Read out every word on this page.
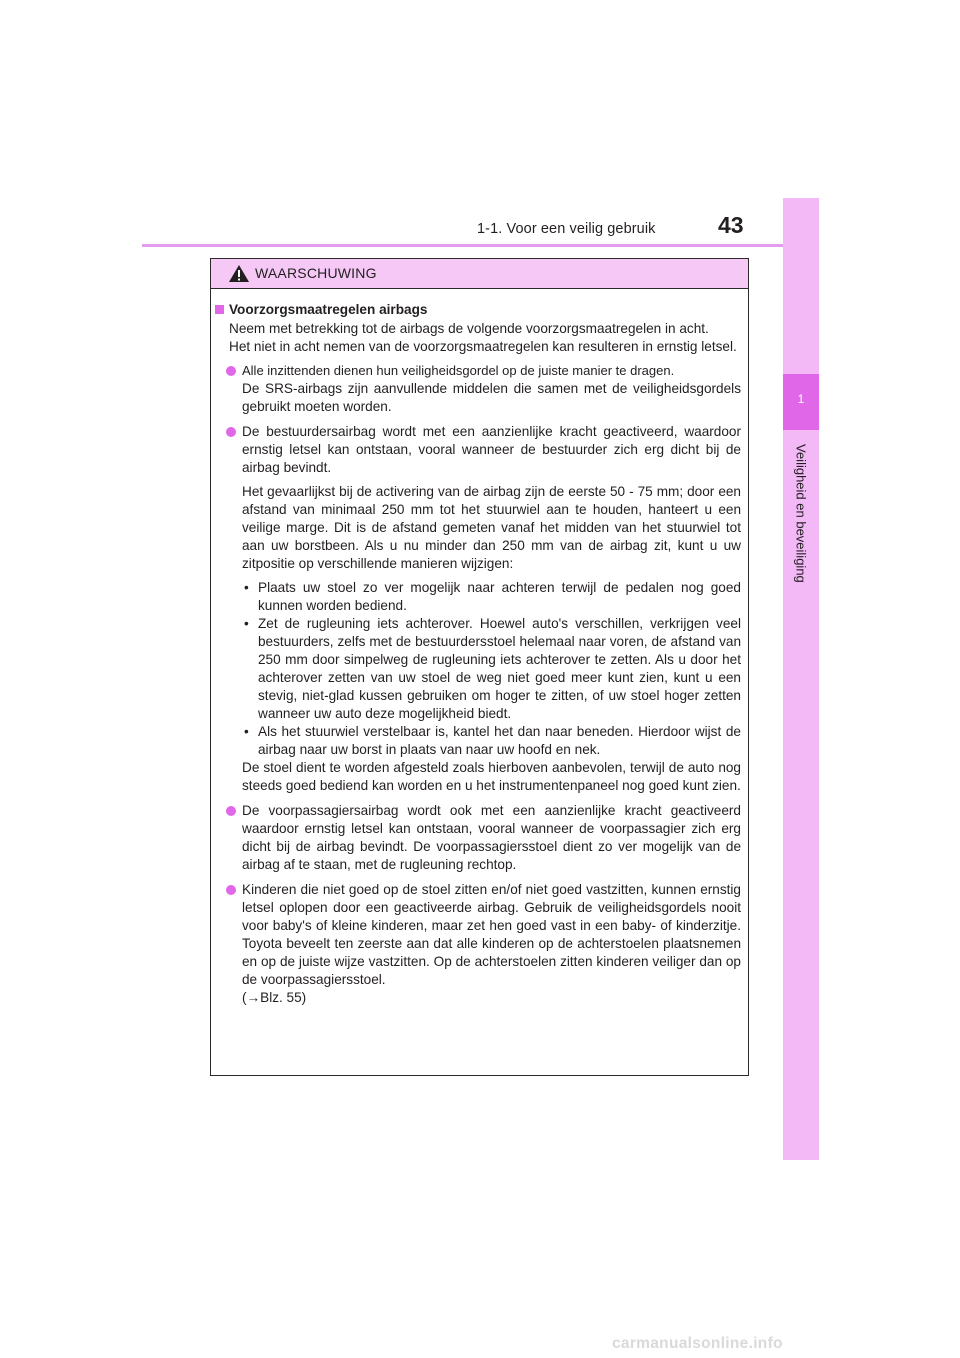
1-1. Voor een veilig gebruik	43
1
Veiligheid en beveiliging
WAARSCHUWING
Voorzorgsmaatregelen airbags
Neem met betrekking tot de airbags de volgende voorzorgsmaatregelen in acht.
Het niet in acht nemen van de voorzorgsmaatregelen kan resulteren in ernstig letsel.

Alle inzittenden dienen hun veiligheidsgordel op de juiste manier te dragen.

De SRS-airbags zijn aanvullende middelen die samen met de veiligheidsgordels gebruikt moeten worden.

De bestuurdersairbag wordt met een aanzienlijke kracht geactiveerd, waardoor ernstig letsel kan ontstaan, vooral wanneer de bestuurder zich erg dicht bij de airbag bevindt.

Het gevaarlijkst bij de activering van de airbag zijn de eerste 50 - 75 mm; door een afstand van minimaal 250 mm tot het stuurwiel aan te houden, hanteert u een veilige marge. Dit is de afstand gemeten vanaf het midden van het stuurwiel tot aan uw borstbeen. Als u nu minder dan 250 mm van de airbag zit, kunt u uw zitpositie op verschillende manieren wijzigen:

• Plaats uw stoel zo ver mogelijk naar achteren terwijl de pedalen nog goed kunnen worden bediend.
• Zet de rugleuning iets achterover. Hoewel auto's verschillen, verkrijgen veel bestuurders, zelfs met de bestuurdersstoel helemaal naar voren, de afstand van 250 mm door simpelweg de rugleuning iets achterover te zetten. Als u door het achterover zetten van uw stoel de weg niet goed meer kunt zien, kunt u een stevig, niet-glad kussen gebruiken om hoger te zitten, of uw stoel hoger zetten wanneer uw auto deze mogelijkheid biedt.
• Als het stuurwiel verstelbaar is, kantel het dan naar beneden. Hierdoor wijst de airbag naar uw borst in plaats van naar uw hoofd en nek.

De stoel dient te worden afgesteld zoals hierboven aanbevolen, terwijl de auto nog steeds goed bediend kan worden en u het instrumentenpaneel nog goed kunt zien.

De voorpassagiersairbag wordt ook met een aanzienlijke kracht geactiveerd waardoor ernstig letsel kan ontstaan, vooral wanneer de voorpassagier zich erg dicht bij de airbag bevindt. De voorpassagiersstoel dient zo ver mogelijk van de airbag af te staan, met de rugleuning rechtop.

Kinderen die niet goed op de stoel zitten en/of niet goed vastzitten, kunnen ernstig letsel oplopen door een geactiveerde airbag. Gebruik de veiligheidsgordels nooit voor baby's of kleine kinderen, maar zet hen goed vast in een baby- of kinderzitje. Toyota beveelt ten zeerste aan dat alle kinderen op de achterstoelen plaatsnemen en op de juiste wijze vastzitten. Op de achterstoelen zitten kinderen veiliger dan op de voorpassagiersstoel.

(→Blz. 55)

carmanualsonline.info
